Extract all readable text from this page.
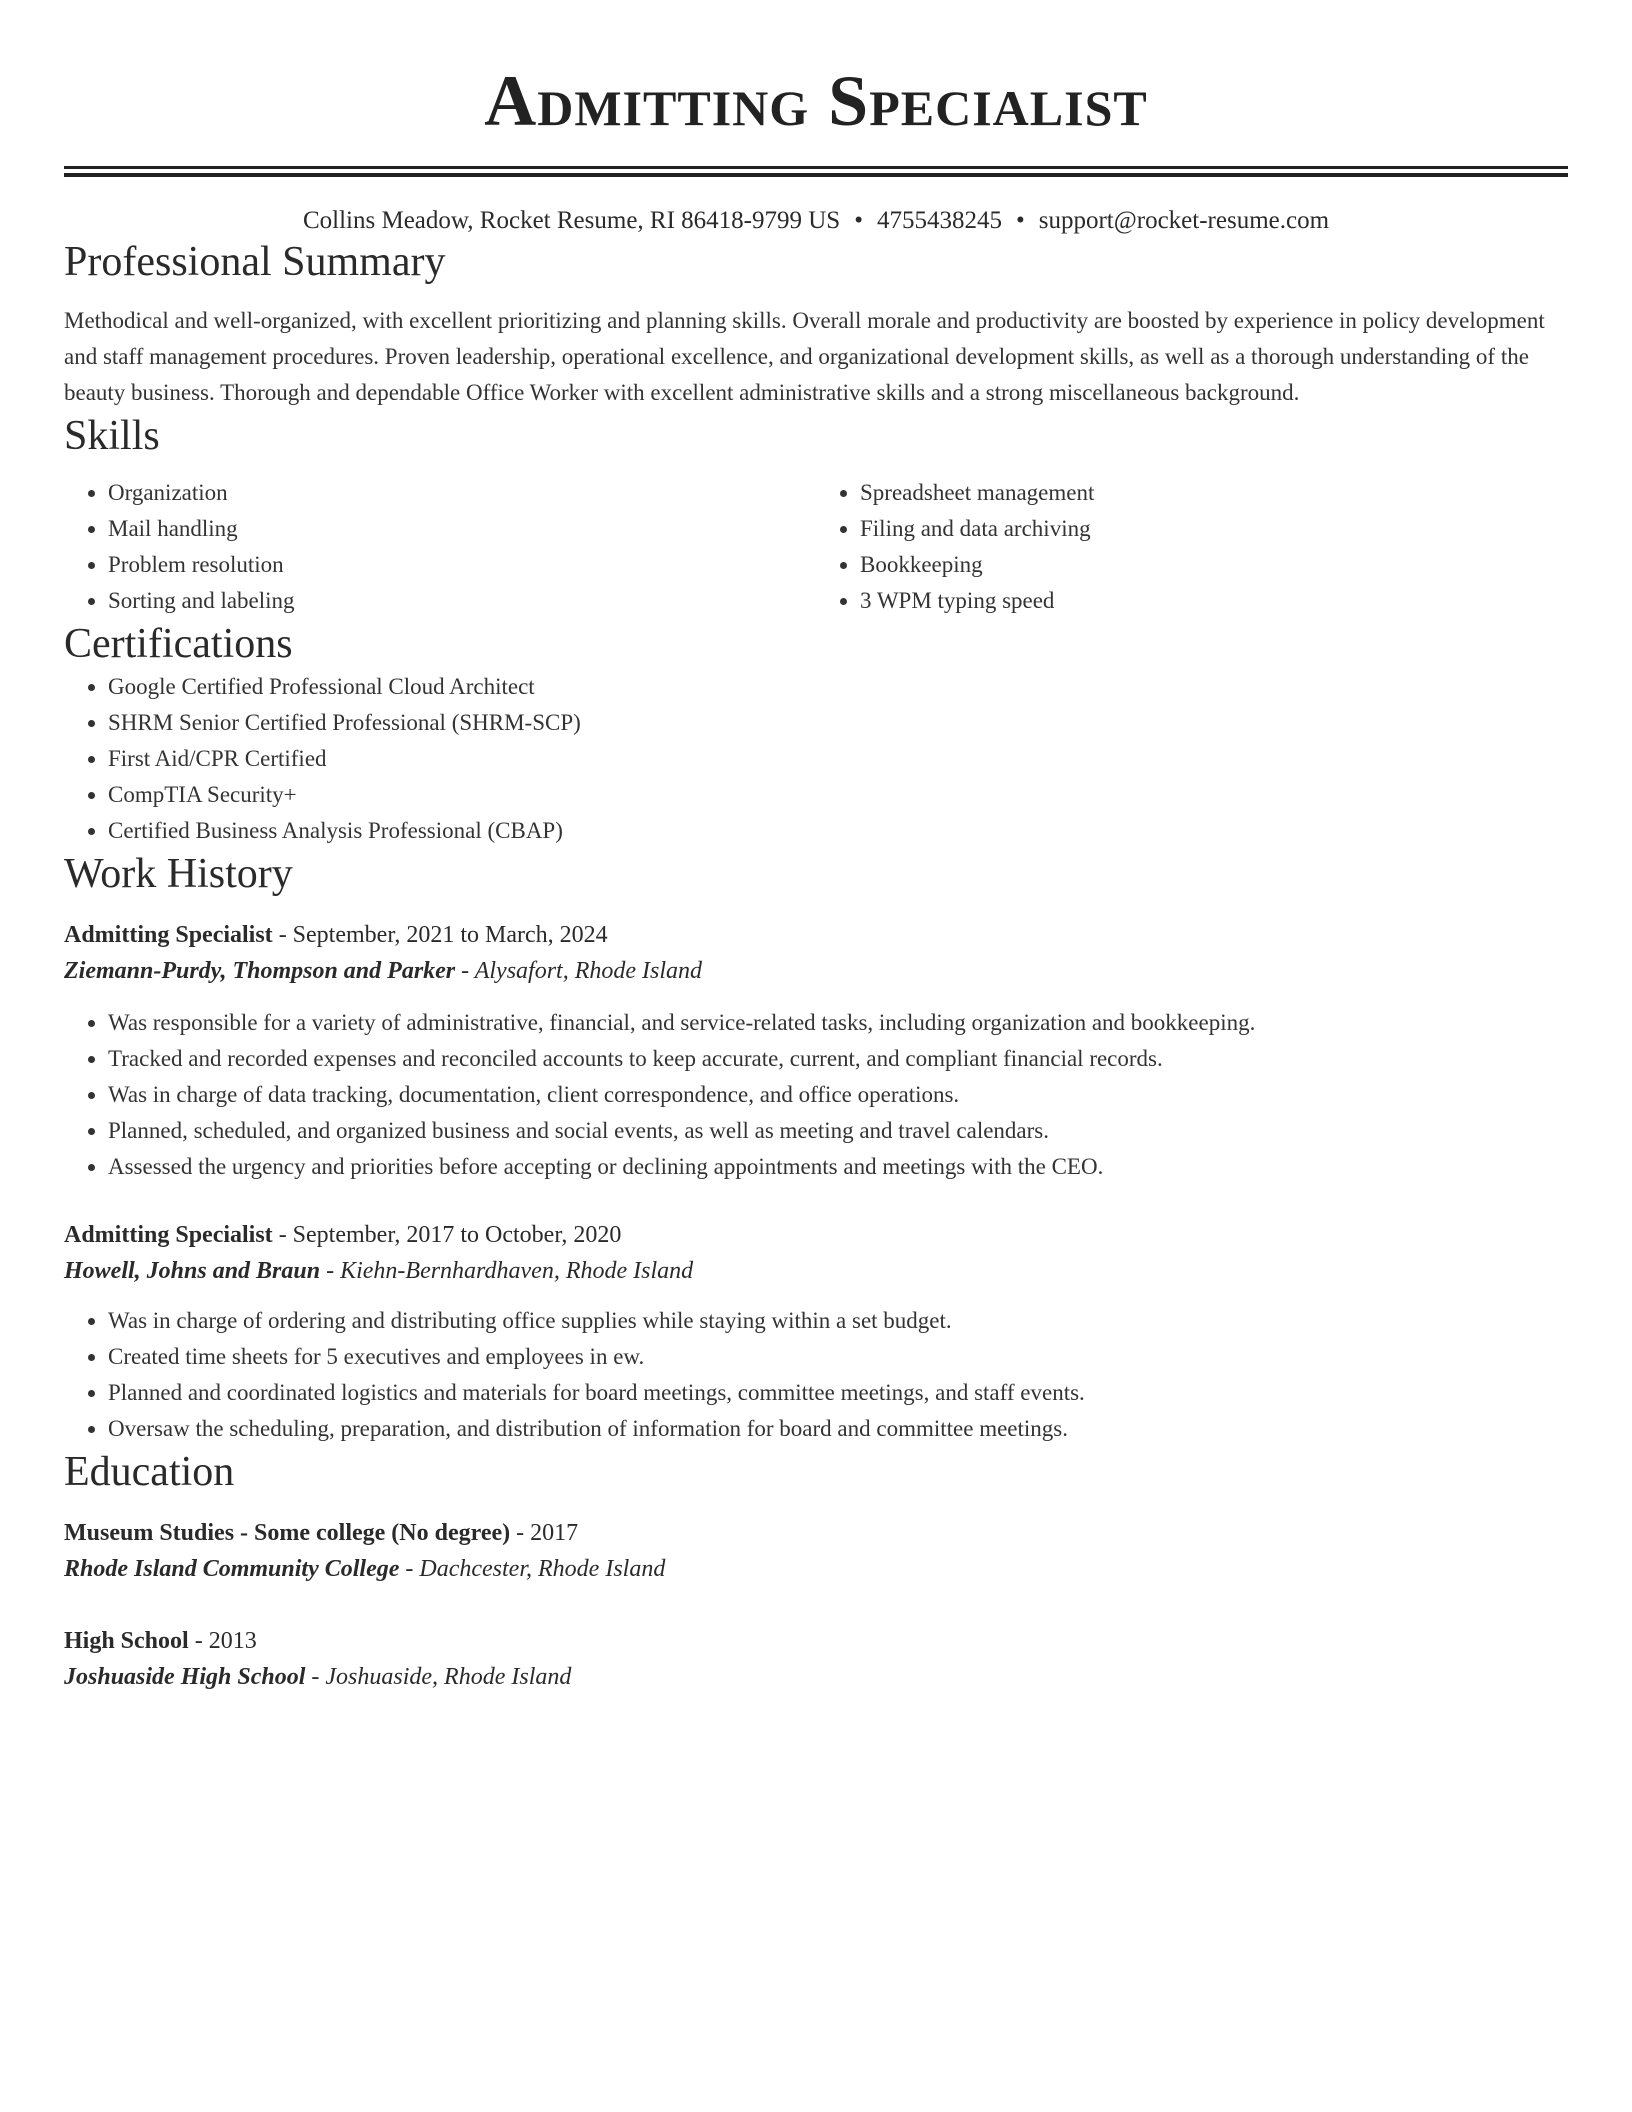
Admitting Specialist
Collins Meadow, Rocket Resume, RI 86418-9799 US • 4755438245 • support@rocket-resume.com
Professional Summary

Methodical and well-organized, with excellent prioritizing and planning skills. Overall morale and productivity are boosted by experience in policy development and staff management procedures. Proven leadership, operational excellence, and organizational development skills, as well as a thorough understanding of the beauty business. Thorough and dependable Office Worker with excellent administrative skills and a strong miscellaneous background.

Skills
• Organization
• Mail handling
• Problem resolution
• Sorting and labeling
• Spreadsheet management
• Filing and data archiving
• Bookkeeping
• 3 WPM typing speed
Certifications
• Google Certified Professional Cloud Architect
• SHRM Senior Certified Professional (SHRM-SCP)
• First Aid/CPR Certified
• CompTIA Security+
• Certified Business Analysis Professional (CBAP)
Work History
Admitting Specialist - September, 2021 to March, 2024
Ziemann-Purdy, Thompson and Parker - Alysafort, Rhode Island
• Was responsible for a variety of administrative, financial, and service-related tasks, including organization and bookkeeping.
• Tracked and recorded expenses and reconciled accounts to keep accurate, current, and compliant financial records.
• Was in charge of data tracking, documentation, client correspondence, and office operations.
• Planned, scheduled, and organized business and social events, as well as meeting and travel calendars.
• Assessed the urgency and priorities before accepting or declining appointments and meetings with the CEO.
Admitting Specialist - September, 2017 to October, 2020
Howell, Johns and Braun - Kiehn-Bernhardhaven, Rhode Island
• Was in charge of ordering and distributing office supplies while staying within a set budget.
• Created time sheets for 5 executives and employees in ew.
• Planned and coordinated logistics and materials for board meetings, committee meetings, and staff events.
• Oversaw the scheduling, preparation, and distribution of information for board and committee meetings.
Education
Museum Studies - Some college (No degree) - 2017
Rhode Island Community College - Dachcester, Rhode Island
High School - 2013
Joshuaside High School - Joshuaside, Rhode Island
